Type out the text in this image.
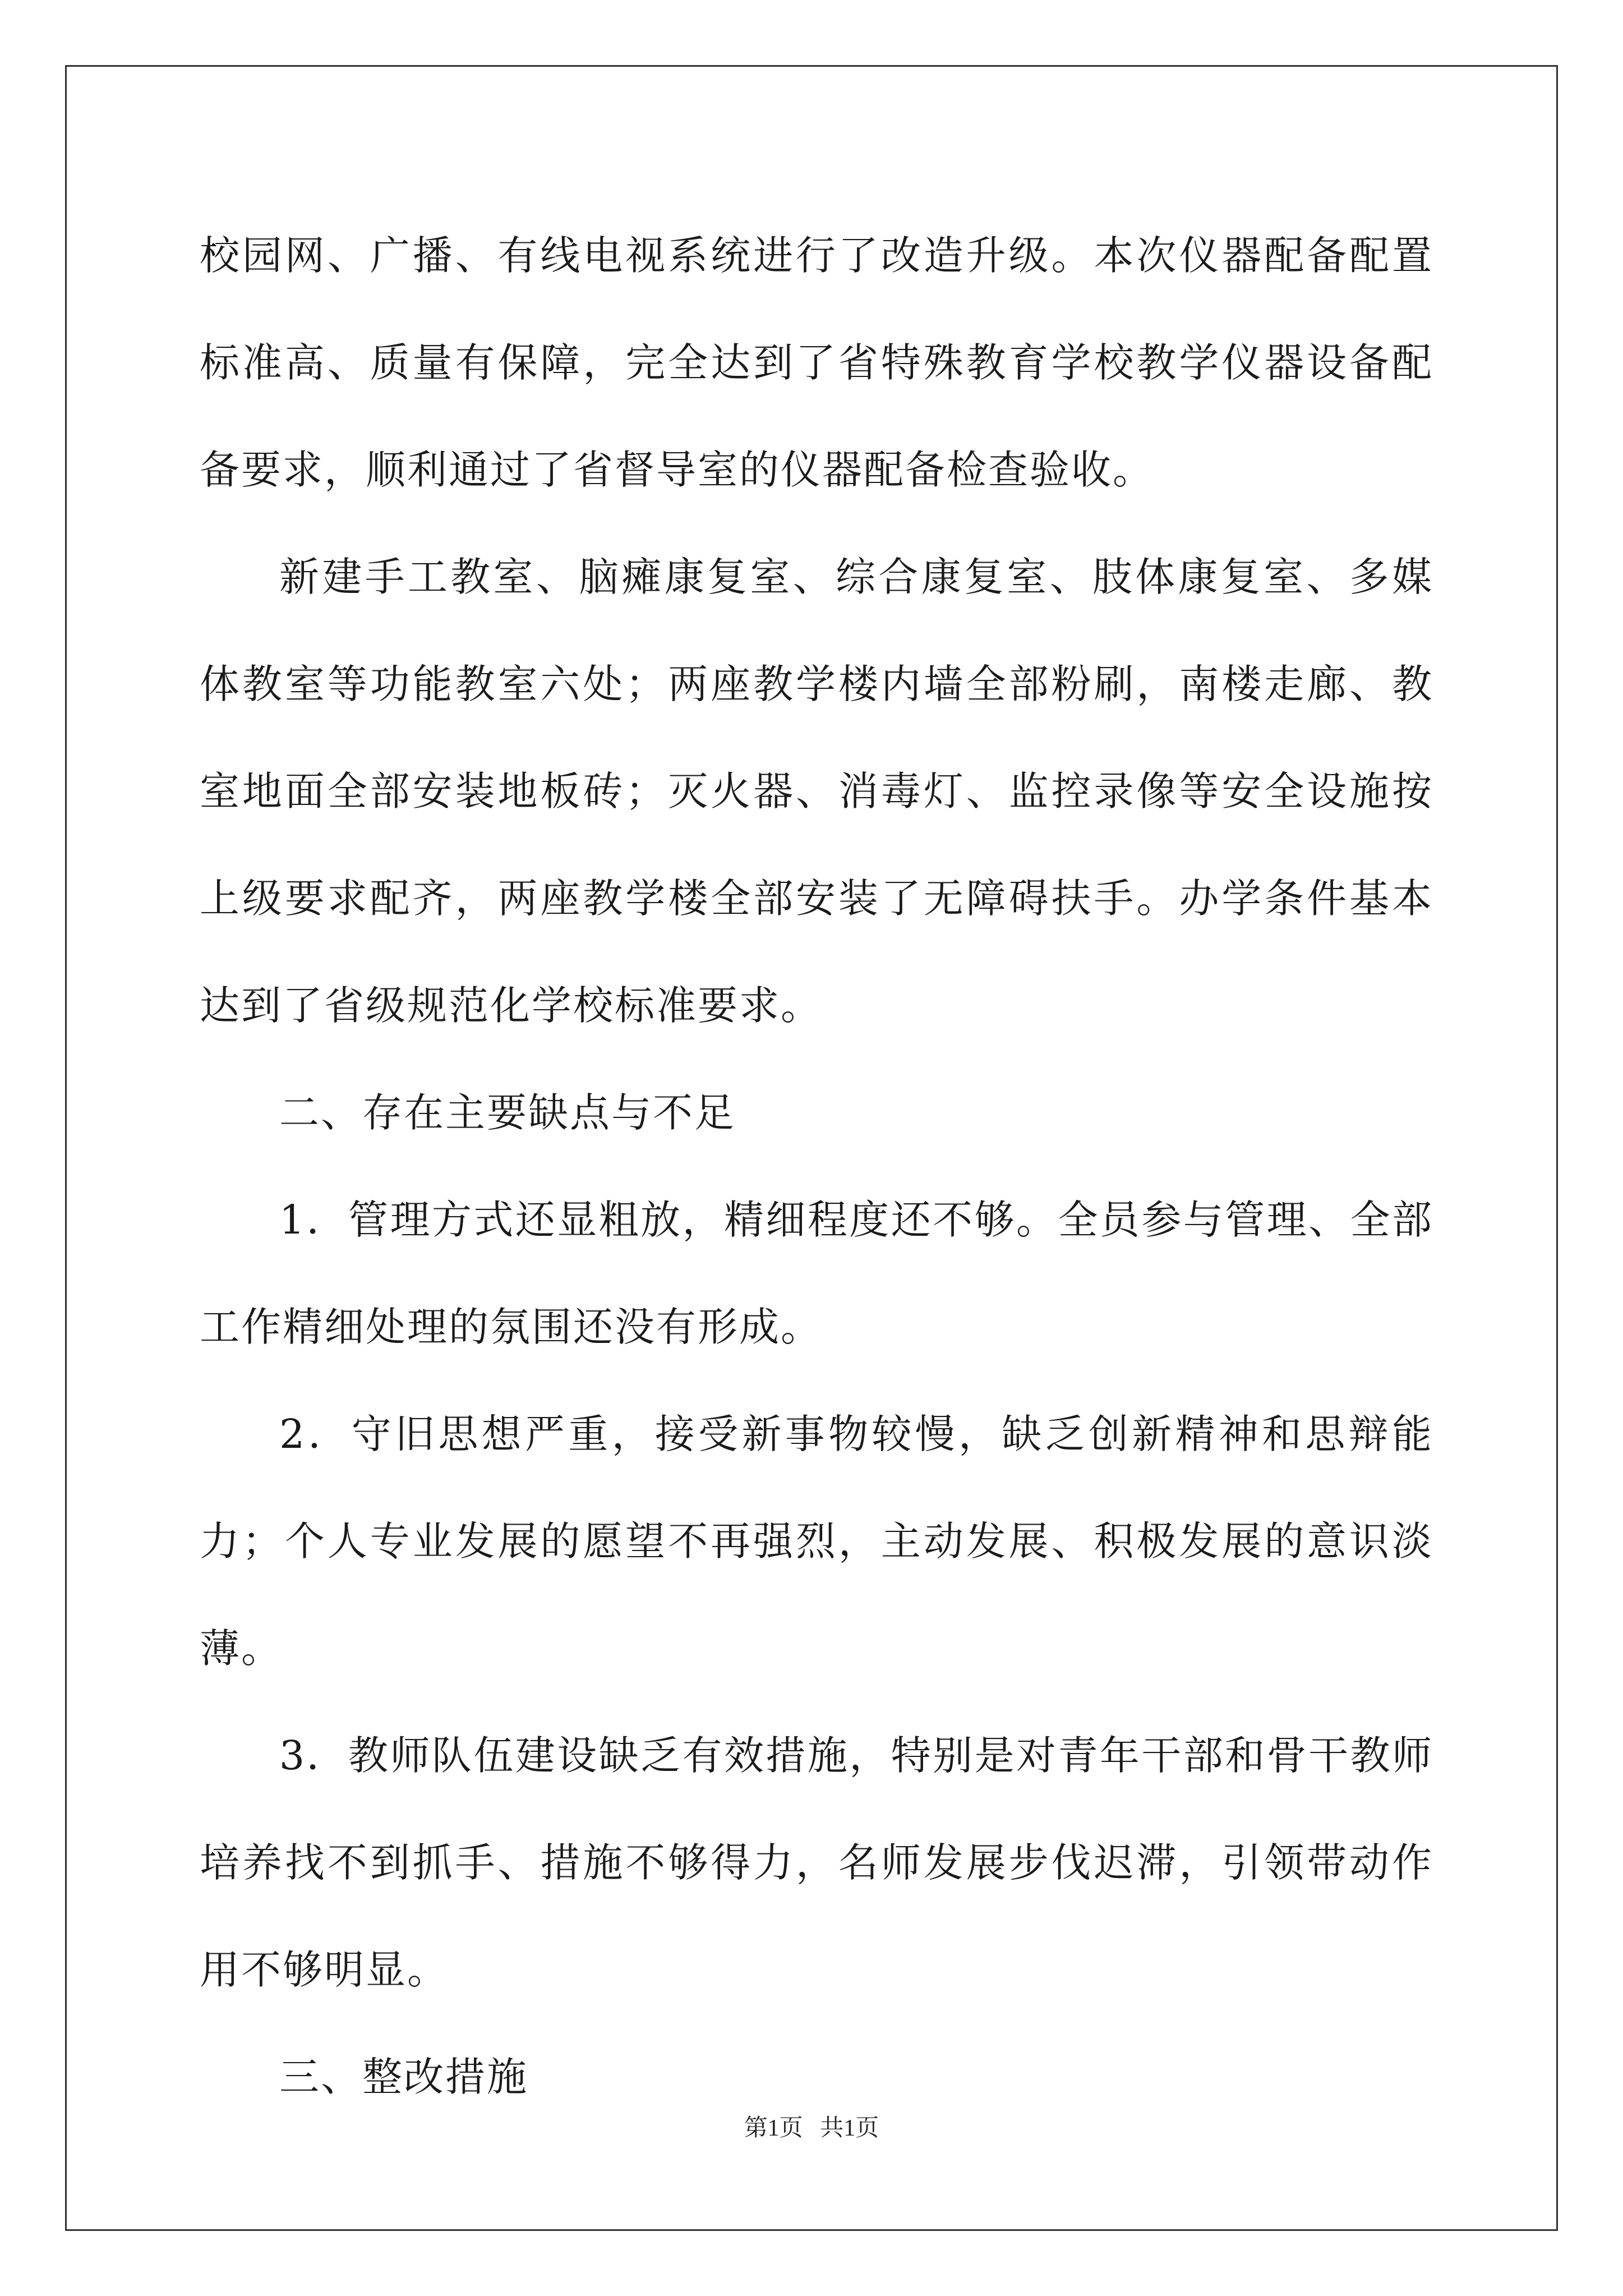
校园网、广播、有线电视系统进行了改造升级。本次仪器配备配置标准高、质量有保障，完全达到了省特殊教育学校教学仪器设备配备要求，顺利通过了省督导室的仪器配备检查验收。

新建手工教室、脑瘫康复室、综合康复室、肢体康复室、多媒体教室等功能教室六处；两座教学楼内墙全部粉刷，南楼走廊、教室地面全部安装地板砖；灭火器、消毒灯、监控录像等安全设施按上级要求配齐，两座教学楼全部安装了无障碍扶手。办学条件基本达到了省级规范化学校标准要求。

二、存在主要缺点与不足

1．管理方式还显粗放，精细程度还不够。全员参与管理、全部工作精细处理的氛围还没有形成。

2．守旧思想严重，接受新事物较慢，缺乏创新精神和思辩能力；个人专业发展的愿望不再强烈，主动发展、积极发展的意识淡薄。

3．教师队伍建设缺乏有效措施，特别是对青年干部和骨干教师培养找不到抓手、措施不够得力，名师发展步伐迟滞，引领带动作用不够明显。

三、整改措施

第1页 共1页
